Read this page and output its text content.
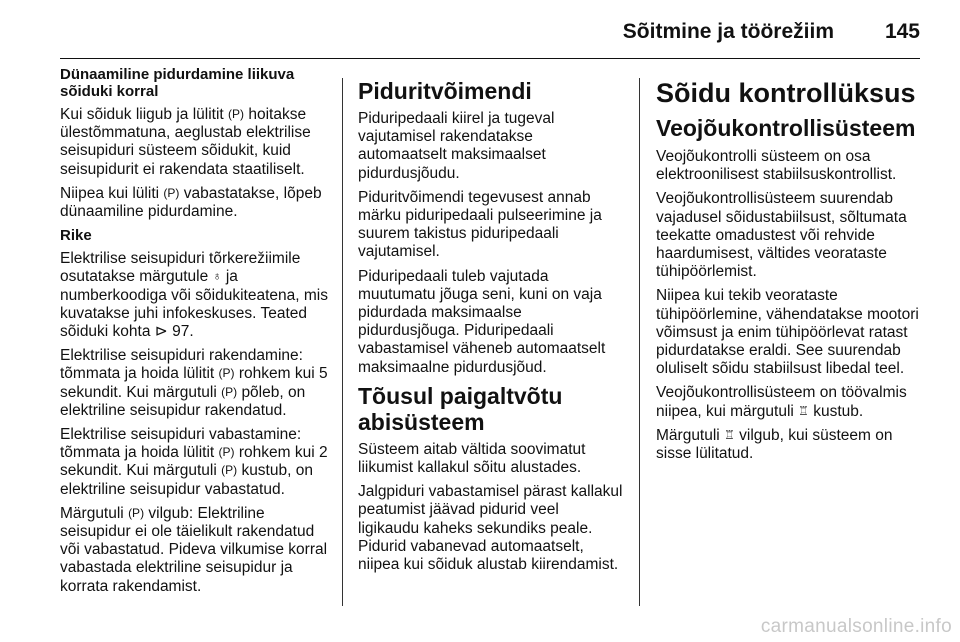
Sõitmine ja töörežiim 145

Dünaamiline pidurdamine liikuva sõiduki korral

Kui sõiduk liigub ja lülitit (P) hoitakse ülestõmmatuna, aeglustab elektrilise seisupiduri süsteem sõidukit, kuid seisupidurit ei rakendata staatiliselt.

Niipea kui lüliti (P) vabastatakse, lõpeb dünaamiline pidurdamine.

Rike

Elektrilise seisupiduri tõrkerežiimile osutatakse märgutule ♁ ja numberkoodiga või sõidukiteatena, mis kuvatakse juhi infokeskuses. Teated sõiduki kohta ⊳ 97.

Elektrilise seisupiduri rakendamine: tõmmata ja hoida lülitit (P) rohkem kui 5 sekundit. Kui märgutuli (P) põleb, on elektriline seisupidur rakendatud.

Elektrilise seisupiduri vabastamine: tõmmata ja hoida lülitit (P) rohkem kui 2 sekundit. Kui märgutuli (P) kustub, on elektriline seisupidur vabastatud.

Märgutuli (P) vilgub: Elektriline seisupidur ei ole täielikult rakendatud või vabastatud. Pideva vilkumise korral vabastada elektriline seisupidur ja korrata rakendamist.

Piduritvõimendi

Piduripedaali kiirel ja tugeval vajutamisel rakendatakse automaatselt maksimaalset pidurdusjõudu.

Piduritvõimendi tegevusest annab märku piduripedaali pulseerimine ja suurem takistus piduripedaali vajutamisel.

Piduripedaali tuleb vajutada muutumatu jõuga seni, kuni on vaja pidurdada maksimaalse pidurdusjõuga. Piduripedaali vabastamisel väheneb automaatselt maksimaalne pidurdusjõud.

Tõusul paigaltvõtu abisüsteem

Süsteem aitab vältida soovimatut liikumist kallakul sõitu alustades.

Jalgpiduri vabastamisel pärast kallakul peatumist jäävad pidurid veel ligikaudu kaheks sekundiks peale. Pidurid vabanevad automaatselt, niipea kui sõiduk alustab kiirendamist.

Sõidu kontrollüksus

Veojõukontrollisüsteem

Veojõukontrolli süsteem on osa elektroonilisest stabiilsuskontrollist.

Veojõukontrollisüsteem suurendab vajadusel sõidustabiilsust, sõltumata teekatte omadustest või rehvide haardumisest, vältides veorataste tühipöörlemist.

Niipea kui tekib veorataste tühipöörlemine, vähendatakse mootori võimsust ja enim tühipöörlevat ratast pidurdatakse eraldi. See suurendab oluliselt sõidu stabiilsust libedal teel.

Veojõukontrollisüsteem on töövalmis niipea, kui märgutuli ♖ kustub.

Märgutuli ♖ vilgub, kui süsteem on sisse lülitatud.

carmanualsonline.info
